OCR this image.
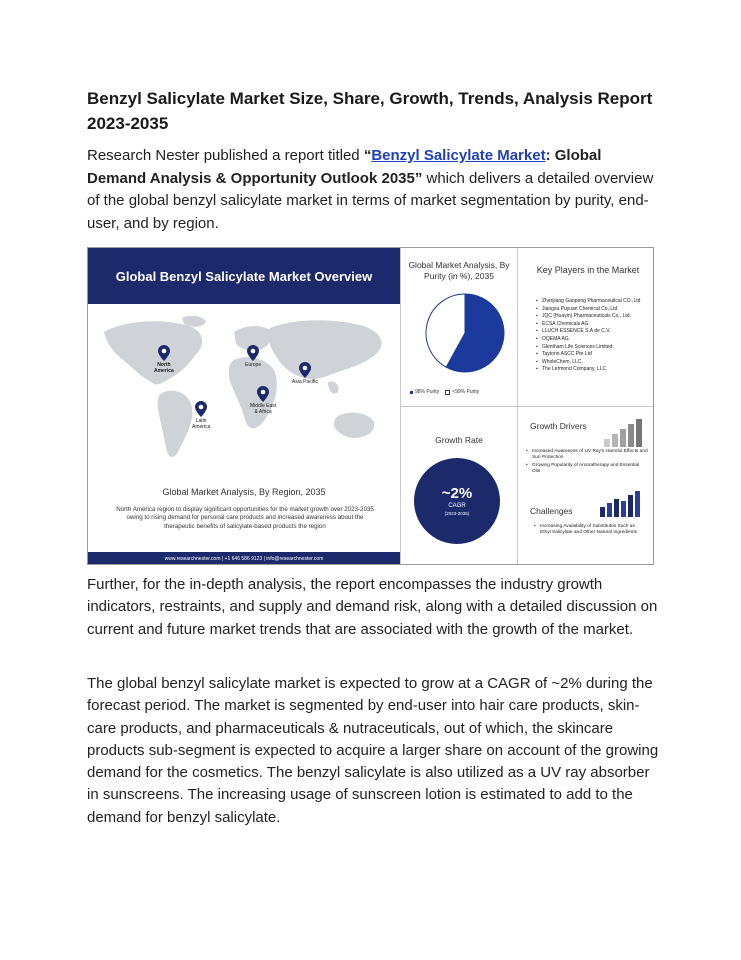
Benzyl Salicylate Market Size, Share, Growth, Trends, Analysis Report 2023-2035
Research Nester published a report titled “Benzyl Salicylate Market: Global Demand Analysis & Opportunity Outlook 2035” which delivers a detailed overview of the global benzyl salicylate market in terms of market segmentation by purity, end-user, and by region.
Global Benzyl Salicylate Market Overview
North
America
Europe
Asia Pacific
Middle East
& Africa
Latin
America
Global Market Analysis, By Region, 2035
North America region to display significant opportunities for the market growth over 2023-2035 owing to rising demand for personal care products and increased awareness about the therapeutic benefits of salicylate-based products the region
www.researchnester.com | +1 646 586 9123 | info@researchnester.com
Global Market Analysis, By Purity (in %), 2035
98% Purity	<99% Purity
Key Players in the Market
▪ Zhenjiang Gaopeng Pharmaceutical CO.,Ltd
▪ Jiangsu Puyuan Chemical Co.,Ltd
▪ JQC (Huayin) Pharmaceuticals Co., Ltd.
▪ ECSA Chemicals AG
▪ LLUCH ESSENCE S.A de C.V.
▪ OQEMA AG.
▪ Glentham Life Sciences Limited.
▪ Taytonn ASCC Pte Ltd
▪ WholeChem, LLC.
▪ The Lermond Company, LLC
Growth Rate
~2%
CAGR
(2023-2035)
Growth Drivers
• Increased Awareness of UV Ray's Harmful Effects and Sun Protection
• Growing Popularity of Aromatherapy and Essential Oils
Challenges
• Increasing Availability of Substitutes Such as Ethyl Salicylate and Other Natural Ingredients
Further, for the in-depth analysis, the report encompasses the industry growth indicators, restraints, and supply and demand risk, along with a detailed discussion on current and future market trends that are associated with the growth of the market.
The global benzyl salicylate market is expected to grow at a CAGR of ~2% during the forecast period. The market is segmented by end-user into hair care products, skin-care products, and pharmaceuticals & nutraceuticals, out of which, the skincare products sub-segment is expected to acquire a larger share on account of the growing demand for the cosmetics. The benzyl salicylate is also utilized as a UV ray absorber in sunscreens. The increasing usage of sunscreen lotion is estimated to add to the demand for benzyl salicylate.
